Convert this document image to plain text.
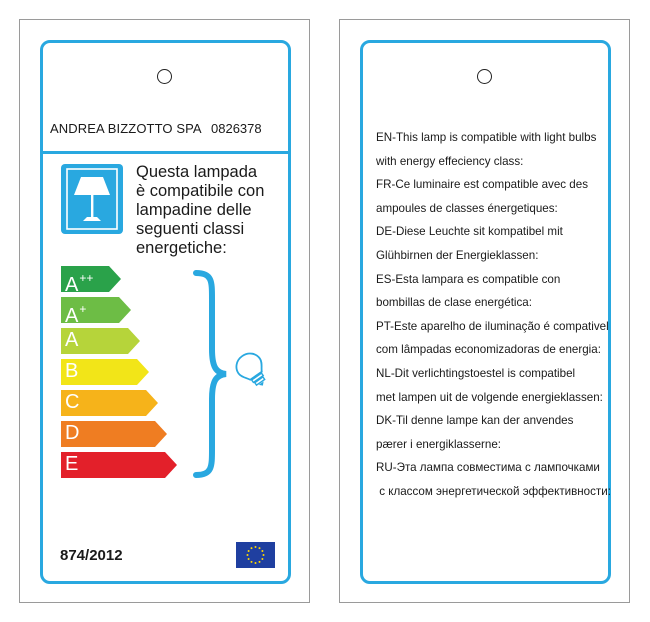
ANDREA BIZZOTTO SPA 0826378
Questa lampada
è compatibile con
lampadine delle
seguenti classi
energetiche:
A++
A+
A
B
C
D
E
874/2012
EN-This lamp is compatible with light bulbs
with energy effeciency class:
FR-Ce luminaire est compatible avec des
ampoules de classes énergetiques:
DE-Diese Leuchte sit kompatibel mit
Glühbirnen der Energieklassen:
ES-Esta lampara es compatible con
bombillas de clase energética:
PT-Este aparelho de iluminação é compativel
com lâmpadas economizadoras de energia:
NL-Dit verlichtingstoestel is compatibel
met lampen uit de volgende energieklassen:
DK-Til denne lampe kan der anvendes
pærer i energiklasserne:
RU-Эта лампа совместима с лампочками
с классом энергетической эффективности:
